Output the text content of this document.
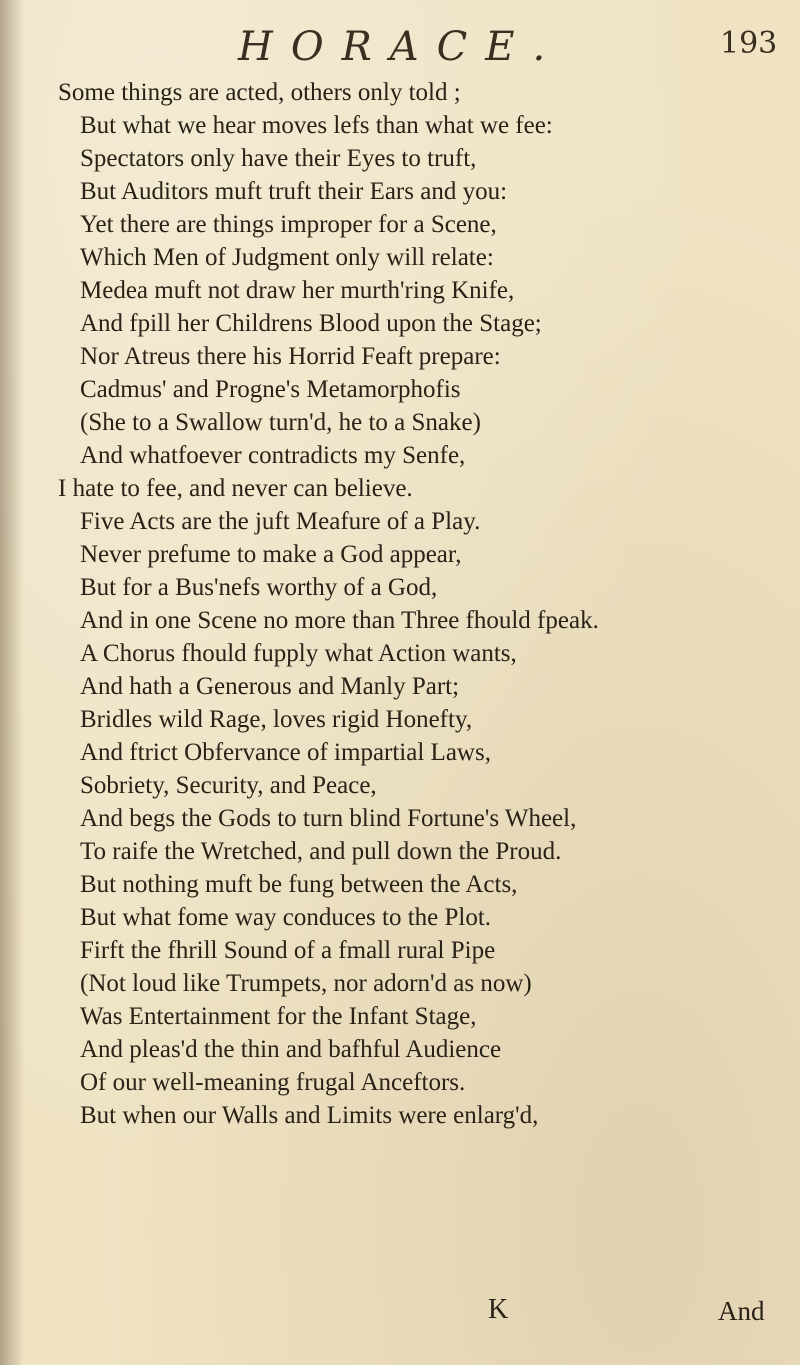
HORACE.	193
Some things are acted, others only told ;
But what we hear moves lefs than what we fee:
Spectators only have their Eyes to truft,
But Auditors muft truft their Ears and you:
Yet there are things improper for a Scene,
Which Men of Judgment only will relate:
Medea muft not draw her murth'ring Knife,
And fpill her Childrens Blood upon the Stage;
Nor Atreus there his Horrid Feaft prepare:
Cadmus' and Progne's Metamorphofis
(She to a Swallow turn'd, he to a Snake)
And whatfoever contradicts my Senfe,
I hate to fee, and never can believe.
Five Acts are the juft Meafure of a Play.
Never prefume to make a God appear,
But for a Bus'nefs worthy of a God,
And in one Scene no more than Three fhould fpeak.
A Chorus fhould fupply what Action wants,
And hath a Generous and Manly Part;
Bridles wild Rage, loves rigid Honefty,
And ftrict Obfervance of impartial Laws,
Sobriety, Security, and Peace,
And begs the Gods to turn blind Fortune's Wheel,
To raife the Wretched, and pull down the Proud.
But nothing muft be fung between the Acts,
But what fome way conduces to the Plot.
Firft the fhrill Sound of a fmall rural Pipe
(Not loud like Trumpets, nor adorn'd as now)
Was Entertainment for the Infant Stage,
And pleas'd the thin and bafhful Audience
Of our well-meaning frugal Anceftors.
But when our Walls and Limits were enlarg'd,
K	And
